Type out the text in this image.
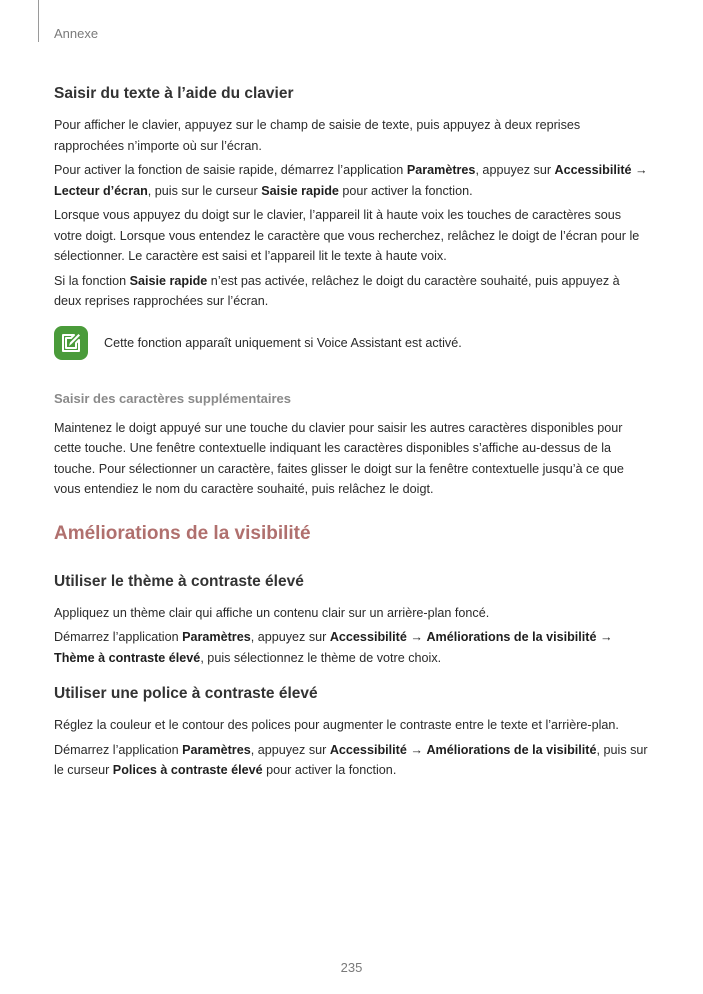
Annexe
Saisir du texte à l’aide du clavier

Pour afficher le clavier, appuyez sur le champ de saisie de texte, puis appuyez à deux reprises rapprochées n’importe où sur l’écran.

Pour activer la fonction de saisie rapide, démarrez l’application Paramètres, appuyez sur Accessibilité → Lecteur d’écran, puis sur le curseur Saisie rapide pour activer la fonction.

Lorsque vous appuyez du doigt sur le clavier, l’appareil lit à haute voix les touches de caractères sous votre doigt. Lorsque vous entendez le caractère que vous recherchez, relâchez le doigt de l’écran pour le sélectionner. Le caractère est saisi et l’appareil lit le texte à haute voix.

Si la fonction Saisie rapide n’est pas activée, relâchez le doigt du caractère souhaité, puis appuyez à deux reprises rapprochées sur l’écran.

Cette fonction apparaît uniquement si Voice Assistant est activé.
Saisir des caractères supplémentaires

Maintenez le doigt appuyé sur une touche du clavier pour saisir les autres caractères disponibles pour cette touche. Une fenêtre contextuelle indiquant les caractères disponibles s’affiche au-dessus de la touche. Pour sélectionner un caractère, faites glisser le doigt sur la fenêtre contextuelle jusqu’à ce que vous entendiez le nom du caractère souhaité, puis relâchez le doigt.

Améliorations de la visibilité
Utiliser le thème à contraste élevé

Appliquez un thème clair qui affiche un contenu clair sur un arrière-plan foncé.

Démarrez l’application Paramètres, appuyez sur Accessibilité → Améliorations de la visibilité → Thème à contraste élevé, puis sélectionnez le thème de votre choix.

Utiliser une police à contraste élevé

Réglez la couleur et le contour des polices pour augmenter le contraste entre le texte et l’arrière-plan.

Démarrez l’application Paramètres, appuyez sur Accessibilité → Améliorations de la visibilité, puis sur le curseur Polices à contraste élevé pour activer la fonction.

235
